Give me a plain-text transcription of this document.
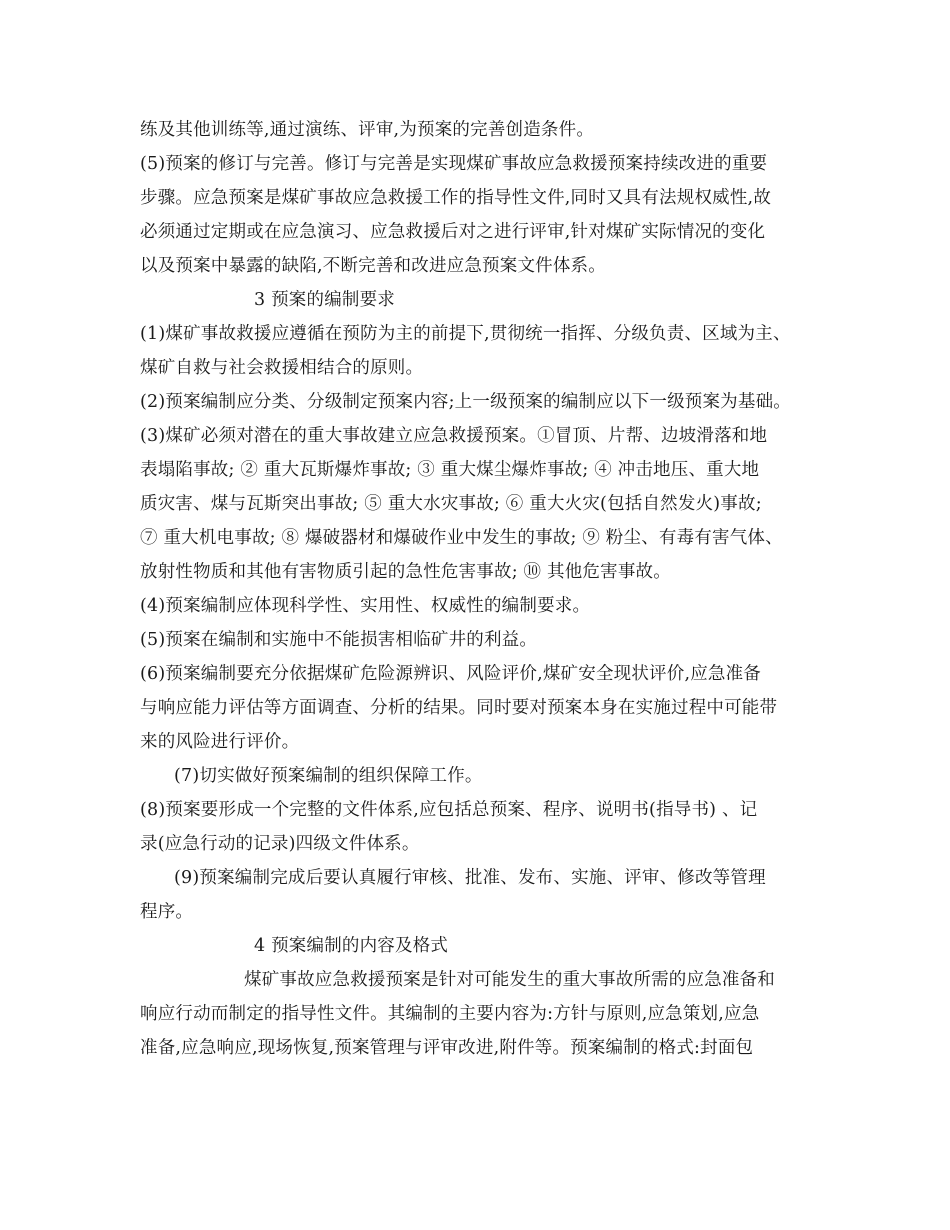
练及其他训练等,通过演练、评审,为预案的完善创造条件。
(5)预案的修订与完善。修订与完善是实现煤矿事故应急救援预案持续改进的重要
步骤。应急预案是煤矿事故应急救援工作的指导性文件,同时又具有法规权威性,故
必须通过定期或在应急演习、应急救援后对之进行评审,针对煤矿实际情况的变化
以及预案中暴露的缺陷,不断完善和改进应急预案文件体系。
3 预案的编制要求
(1)煤矿事故救援应遵循在预防为主的前提下,贯彻统一指挥、分级负责、区域为主、
煤矿自救与社会救援相结合的原则。
(2)预案编制应分类、分级制定预案内容;上一级预案的编制应以下一级预案为基础。
(3)煤矿必须对潜在的重大事故建立应急救援预案。①冒顶、片帮、边坡滑落和地
表塌陷事故; ② 重大瓦斯爆炸事故; ③ 重大煤尘爆炸事故; ④ 冲击地压、重大地
质灾害、煤与瓦斯突出事故; ⑤ 重大水灾事故; ⑥ 重大火灾(包括自然发火)事故;
⑦ 重大机电事故; ⑧ 爆破器材和爆破作业中发生的事故; ⑨ 粉尘、有毒有害气体、
放射性物质和其他有害物质引起的急性危害事故; ⑩ 其他危害事故。
(4)预案编制应体现科学性、实用性、权威性的编制要求。
(5)预案在编制和实施中不能损害相临矿井的利益。
(6)预案编制要充分依据煤矿危险源辨识、风险评价,煤矿安全现状评价,应急准备
与响应能力评估等方面调查、分析的结果。同时要对预案本身在实施过程中可能带
来的风险进行评价。
(7)切实做好预案编制的组织保障工作。
(8)预案要形成一个完整的文件体系,应包括总预案、程序、说明书(指导书) 、记
录(应急行动的记录)四级文件体系。
(9)预案编制完成后要认真履行审核、批准、发布、实施、评审、修改等管理
程序。
4 预案编制的内容及格式
煤矿事故应急救援预案是针对可能发生的重大事故所需的应急准备和
响应行动而制定的指导性文件。其编制的主要内容为:方针与原则,应急策划,应急
准备,应急响应,现场恢复,预案管理与评审改进,附件等。预案编制的格式:封面包
